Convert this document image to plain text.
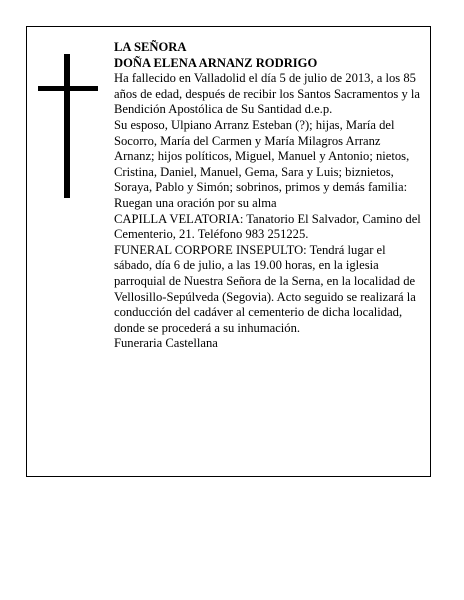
LA SEÑORA

DOÑA ELENA ARNANZ RODRIGO

Ha fallecido en Valladolid el día 5 de julio de 2013, a los 85 años de edad, después de recibir los Santos Sacramentos y la Bendición Apostólica de Su Santidad d.e.p.

Su esposo, Ulpiano Arranz Esteban (?); hijas, María del Socorro, María del Carmen y María Milagros Arranz Arnanz; hijos políticos, Miguel, Manuel y Antonio; nietos, Cristina, Daniel, Manuel, Gema, Sara y Luis; biznietos, Soraya, Pablo y Simón; sobrinos, primos y demás familia:

Ruegan una oración por su alma

CAPILLA VELATORIA: Tanatorio El Salvador, Camino del Cementerio, 21. Teléfono 983 251225.

FUNERAL CORPORE INSEPULTO: Tendrá lugar el sábado, día 6 de julio, a las 19.00 horas, en la iglesia parroquial de Nuestra Señora de la Serna, en la localidad de Vellosillo-Sepúlveda (Segovia). Acto seguido se realizará la conducción del cadáver al cementerio de dicha localidad, donde se procederá a su inhumación.

Funeraria Castellana
